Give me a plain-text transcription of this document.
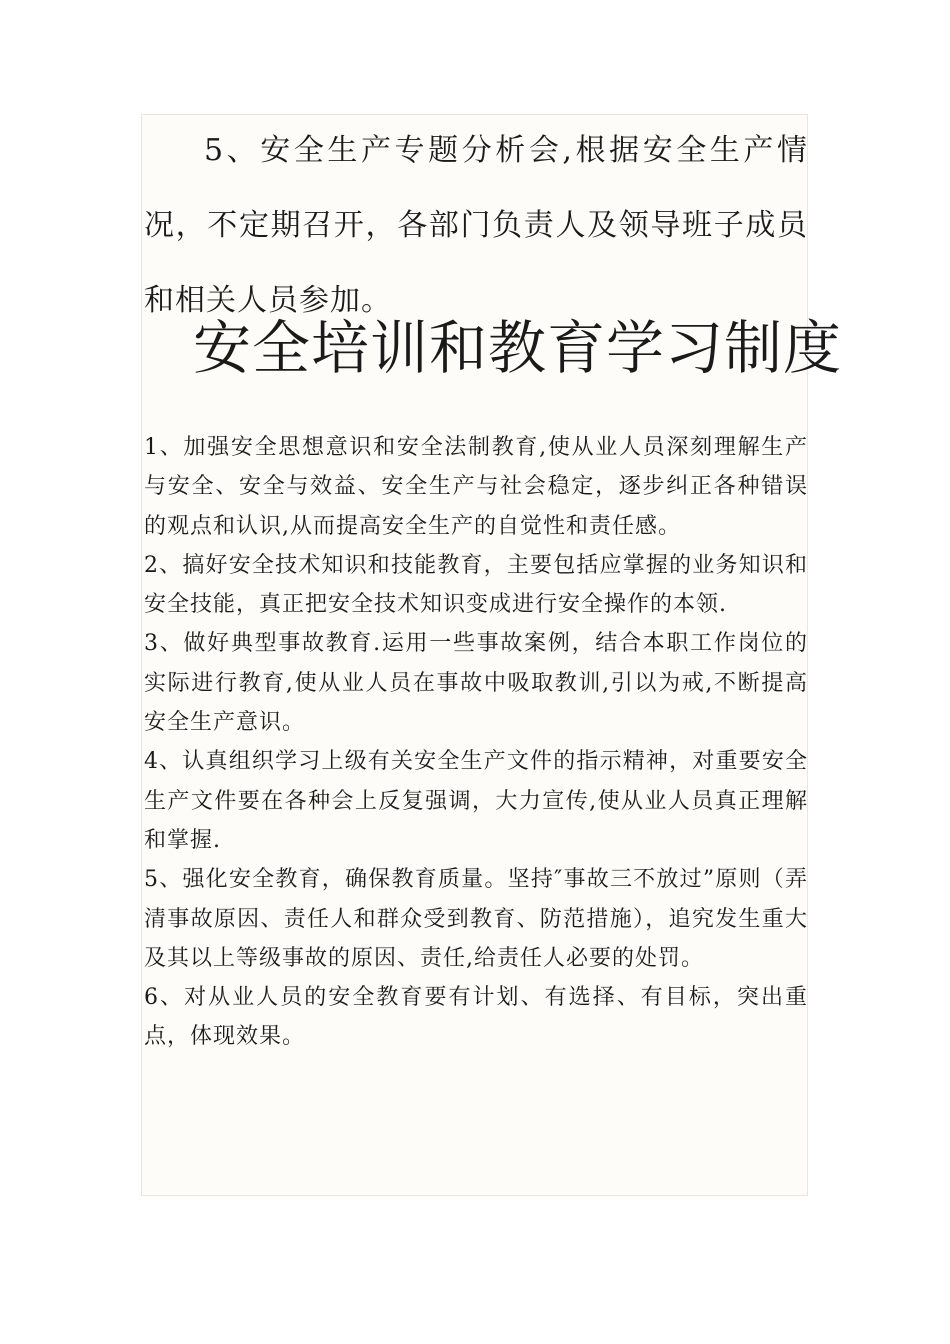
5、安全生产专题分析会,根据安全生产情况，不定期召开，各部门负责人及领导班子成员和相关人员参加。

安全培训和教育学习制度
1、加强安全思想意识和安全法制教育,使从业人员深刻理解生产与安全、安全与效益、安全生产与社会稳定，逐步纠正各种错误的观点和认识,从而提高安全生产的自觉性和责任感。
2、搞好安全技术知识和技能教育，主要包括应掌握的业务知识和安全技能，真正把安全技术知识变成进行安全操作的本领.
3、做好典型事故教育.运用一些事故案例，结合本职工作岗位的实际进行教育,使从业人员在事故中吸取教训,引以为戒,不断提高安全生产意识。
4、认真组织学习上级有关安全生产文件的指示精神，对重要安全生产文件要在各种会上反复强调，大力宣传,使从业人员真正理解和掌握.
5、强化安全教育，确保教育质量。坚持″事故三不放过”原则（弄清事故原因、责任人和群众受到教育、防范措施），追究发生重大及其以上等级事故的原因、责任,给责任人必要的处罚。
6、对从业人员的安全教育要有计划、有选择、有目标，突出重点，体现效果。
